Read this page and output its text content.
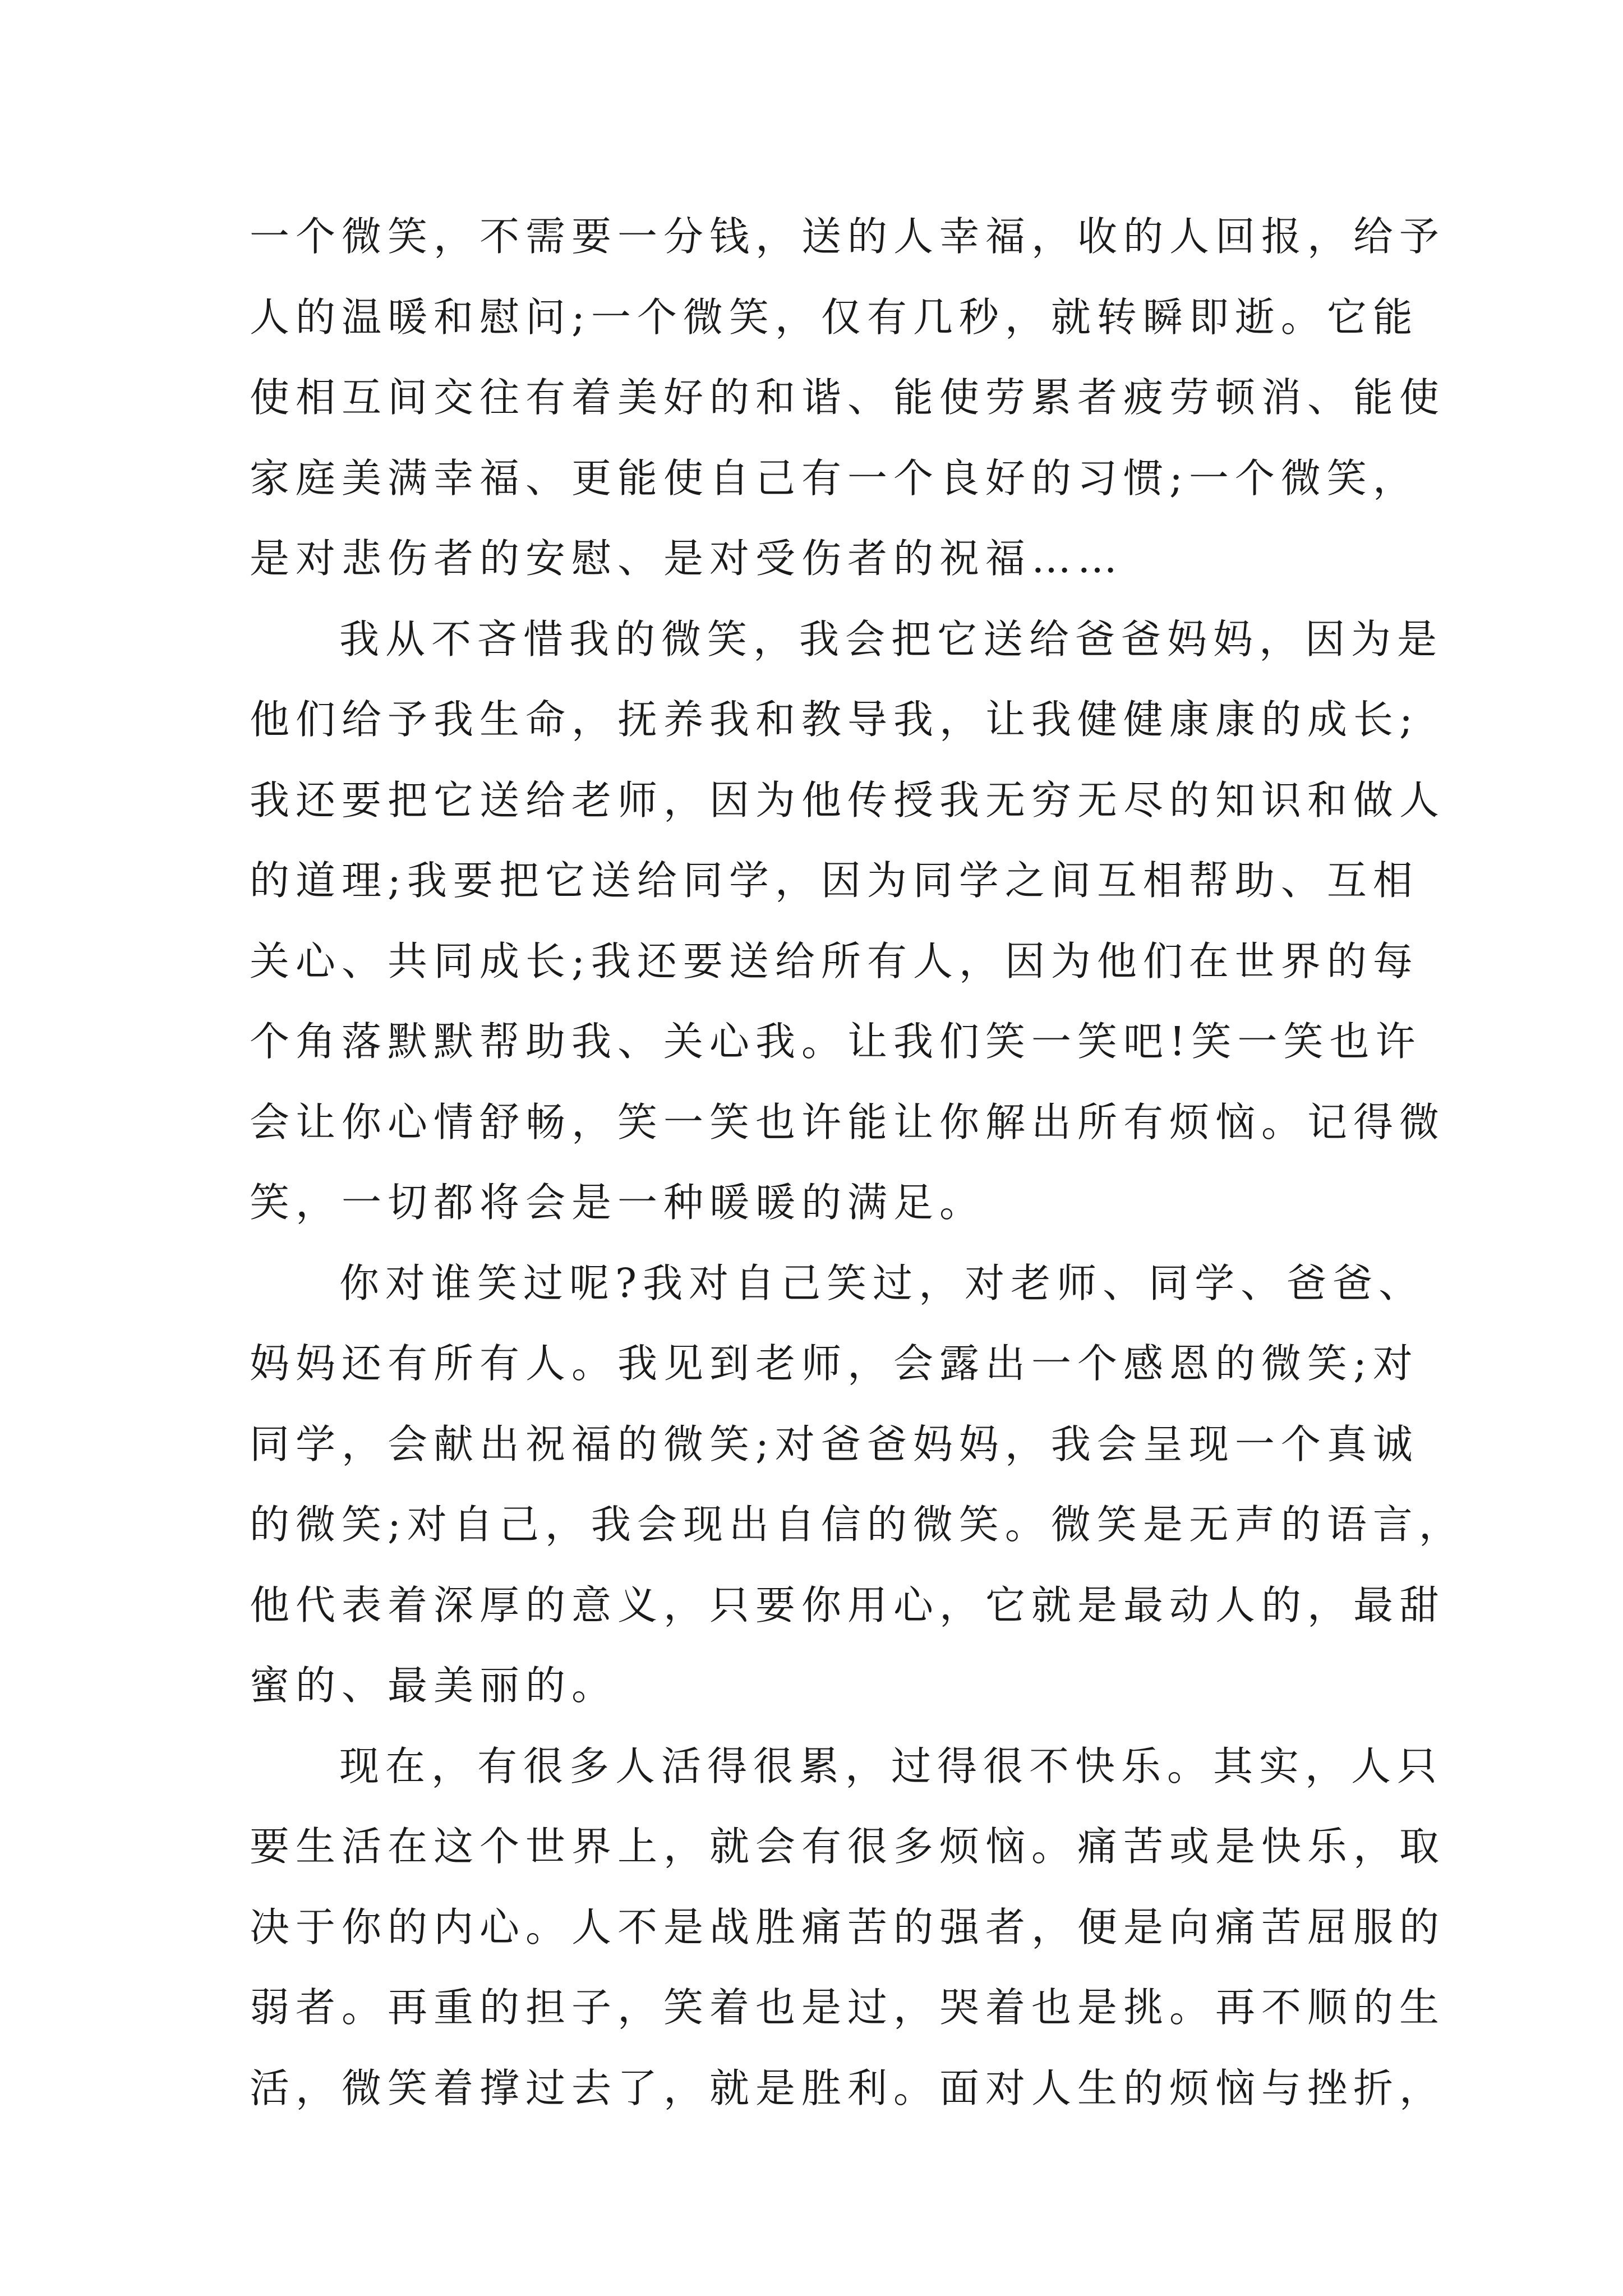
一个微笑，不需要一分钱，送的人幸福，收的人回报，给予
人的温暖和慰问;一个微笑，仅有几秒，就转瞬即逝。它能
使相互间交往有着美好的和谐、能使劳累者疲劳顿消、能使
家庭美满幸福、更能使自己有一个良好的习惯;一个微笑，
是对悲伤者的安慰、是对受伤者的祝福……
我从不吝惜我的微笑，我会把它送给爸爸妈妈，因为是
他们给予我生命，抚养我和教导我，让我健健康康的成长;
我还要把它送给老师，因为他传授我无穷无尽的知识和做人
的道理;我要把它送给同学，因为同学之间互相帮助、互相
关心、共同成长;我还要送给所有人，因为他们在世界的每
个角落默默帮助我、关心我。让我们笑一笑吧!笑一笑也许
会让你心情舒畅，笑一笑也许能让你解出所有烦恼。记得微
笑，一切都将会是一种暖暖的满足。
你对谁笑过呢?我对自己笑过，对老师、同学、爸爸、
妈妈还有所有人。我见到老师，会露出一个感恩的微笑;对
同学，会献出祝福的微笑;对爸爸妈妈，我会呈现一个真诚
的微笑;对自己，我会现出自信的微笑。微笑是无声的语言，
他代表着深厚的意义，只要你用心，它就是最动人的，最甜
蜜的、最美丽的。
现在，有很多人活得很累，过得很不快乐。其实，人只
要生活在这个世界上，就会有很多烦恼。痛苦或是快乐，取
决于你的内心。人不是战胜痛苦的强者，便是向痛苦屈服的
弱者。再重的担子，笑着也是过，哭着也是挑。再不顺的生
活，微笑着撑过去了，就是胜利。面对人生的烦恼与挫折，
